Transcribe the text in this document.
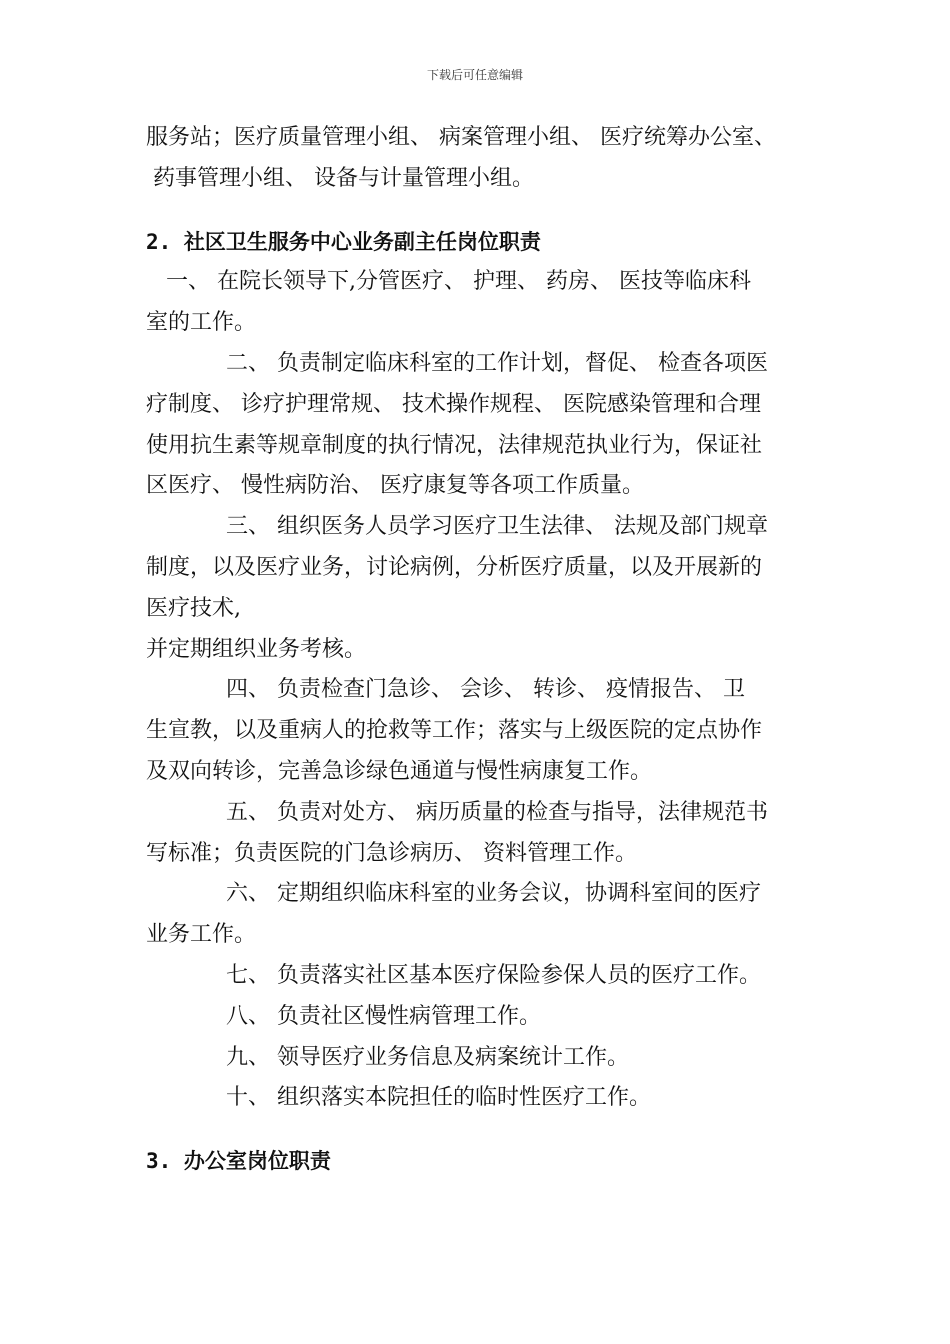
下载后可任意编辑
服务站；医疗质量管理小组、 病案管理小组、 医疗统筹办公室、
药事管理小组、 设备与计量管理小组。
2. 社区卫生服务中心业务副主任岗位职责
一、 在院长领导下,分管医疗、 护理、 药房、 医技等临床科
室的工作。
二、 负责制定临床科室的工作计划，督促、 检查各项医
疗制度、 诊疗护理常规、 技术操作规程、 医院感染管理和合理
使用抗生素等规章制度的执行情况，法律规范执业行为，保证社
区医疗、 慢性病防治、 医疗康复等各项工作质量。
三、 组织医务人员学习医疗卫生法律、 法规及部门规章
制度，以及医疗业务，讨论病例，分析医疗质量，以及开展新的
医疗技术,
并定期组织业务考核。
四、 负责检查门急诊、 会诊、 转诊、 疫情报告、 卫
生宣教，以及重病人的抢救等工作；落实与上级医院的定点协作
及双向转诊，完善急诊绿色通道与慢性病康复工作。
五、 负责对处方、 病历质量的检查与指导，法律规范书
写标准；负责医院的门急诊病历、 资料管理工作。
六、 定期组织临床科室的业务会议，协调科室间的医疗
业务工作。
七、 负责落实社区基本医疗保险参保人员的医疗工作。
八、 负责社区慢性病管理工作。
九、 领导医疗业务信息及病案统计工作。
十、 组织落实本院担任的临时性医疗工作。
3. 办公室岗位职责
